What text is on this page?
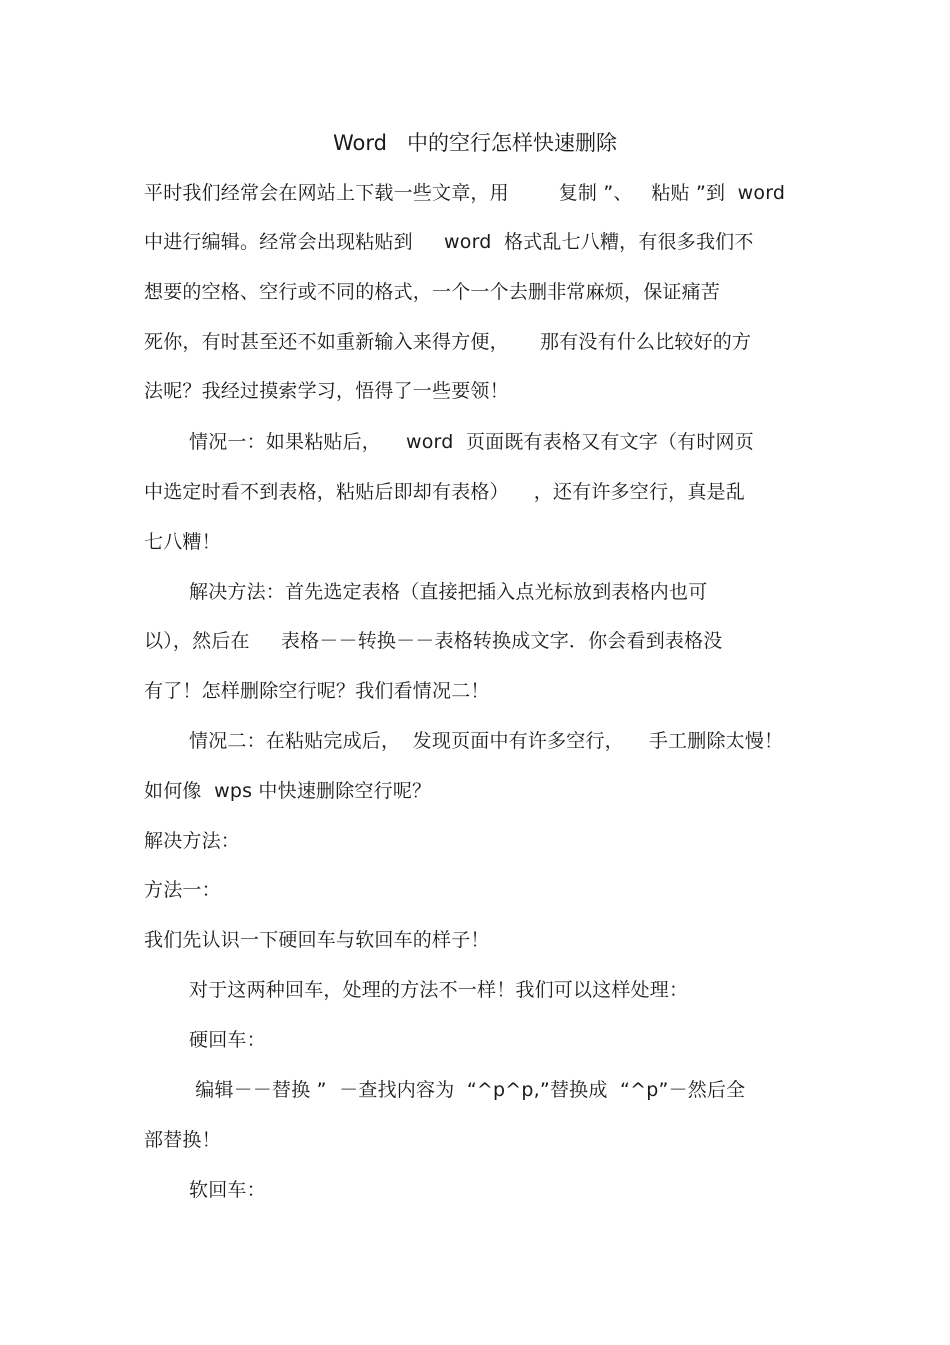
Word   中的空行怎样快速删除
平时我们经常会在网站上下载一些文章，用        复制 ”、   粘贴 ”到  word
中进行编辑。经常会出现粘贴到     word  格式乱七八糟，有很多我们不
想要的空格、空行或不同的格式，一个一个去删非常麻烦，保证痛苦
死你，有时甚至还不如重新输入来得方便，     那有没有什么比较好的方
法呢？我经过摸索学习，悟得了一些要领！
情况一：如果粘贴后，    word  页面既有表格又有文字（有时网页
中选定时看不到表格，粘贴后即却有表格）    ，还有许多空行，真是乱
七八糟！
解决方法：首先选定表格（直接把插入点光标放到表格内也可
以），然后在     表格－－转换－－表格转换成文字．你会看到表格没
有了！怎样删除空行呢？我们看情况二！
情况二：在粘贴完成后，  发现页面中有许多空行，    手工删除太慢！
如何像  wps 中快速删除空行呢？
解决方法：
方法一：
我们先认识一下硬回车与软回车的样子！
对于这两种回车，处理的方法不一样！我们可以这样处理：
硬回车：
编辑－－替换 ”  －查找内容为  “^p^p,”替换成  “^p”－然后全
部替换！
软回车：
